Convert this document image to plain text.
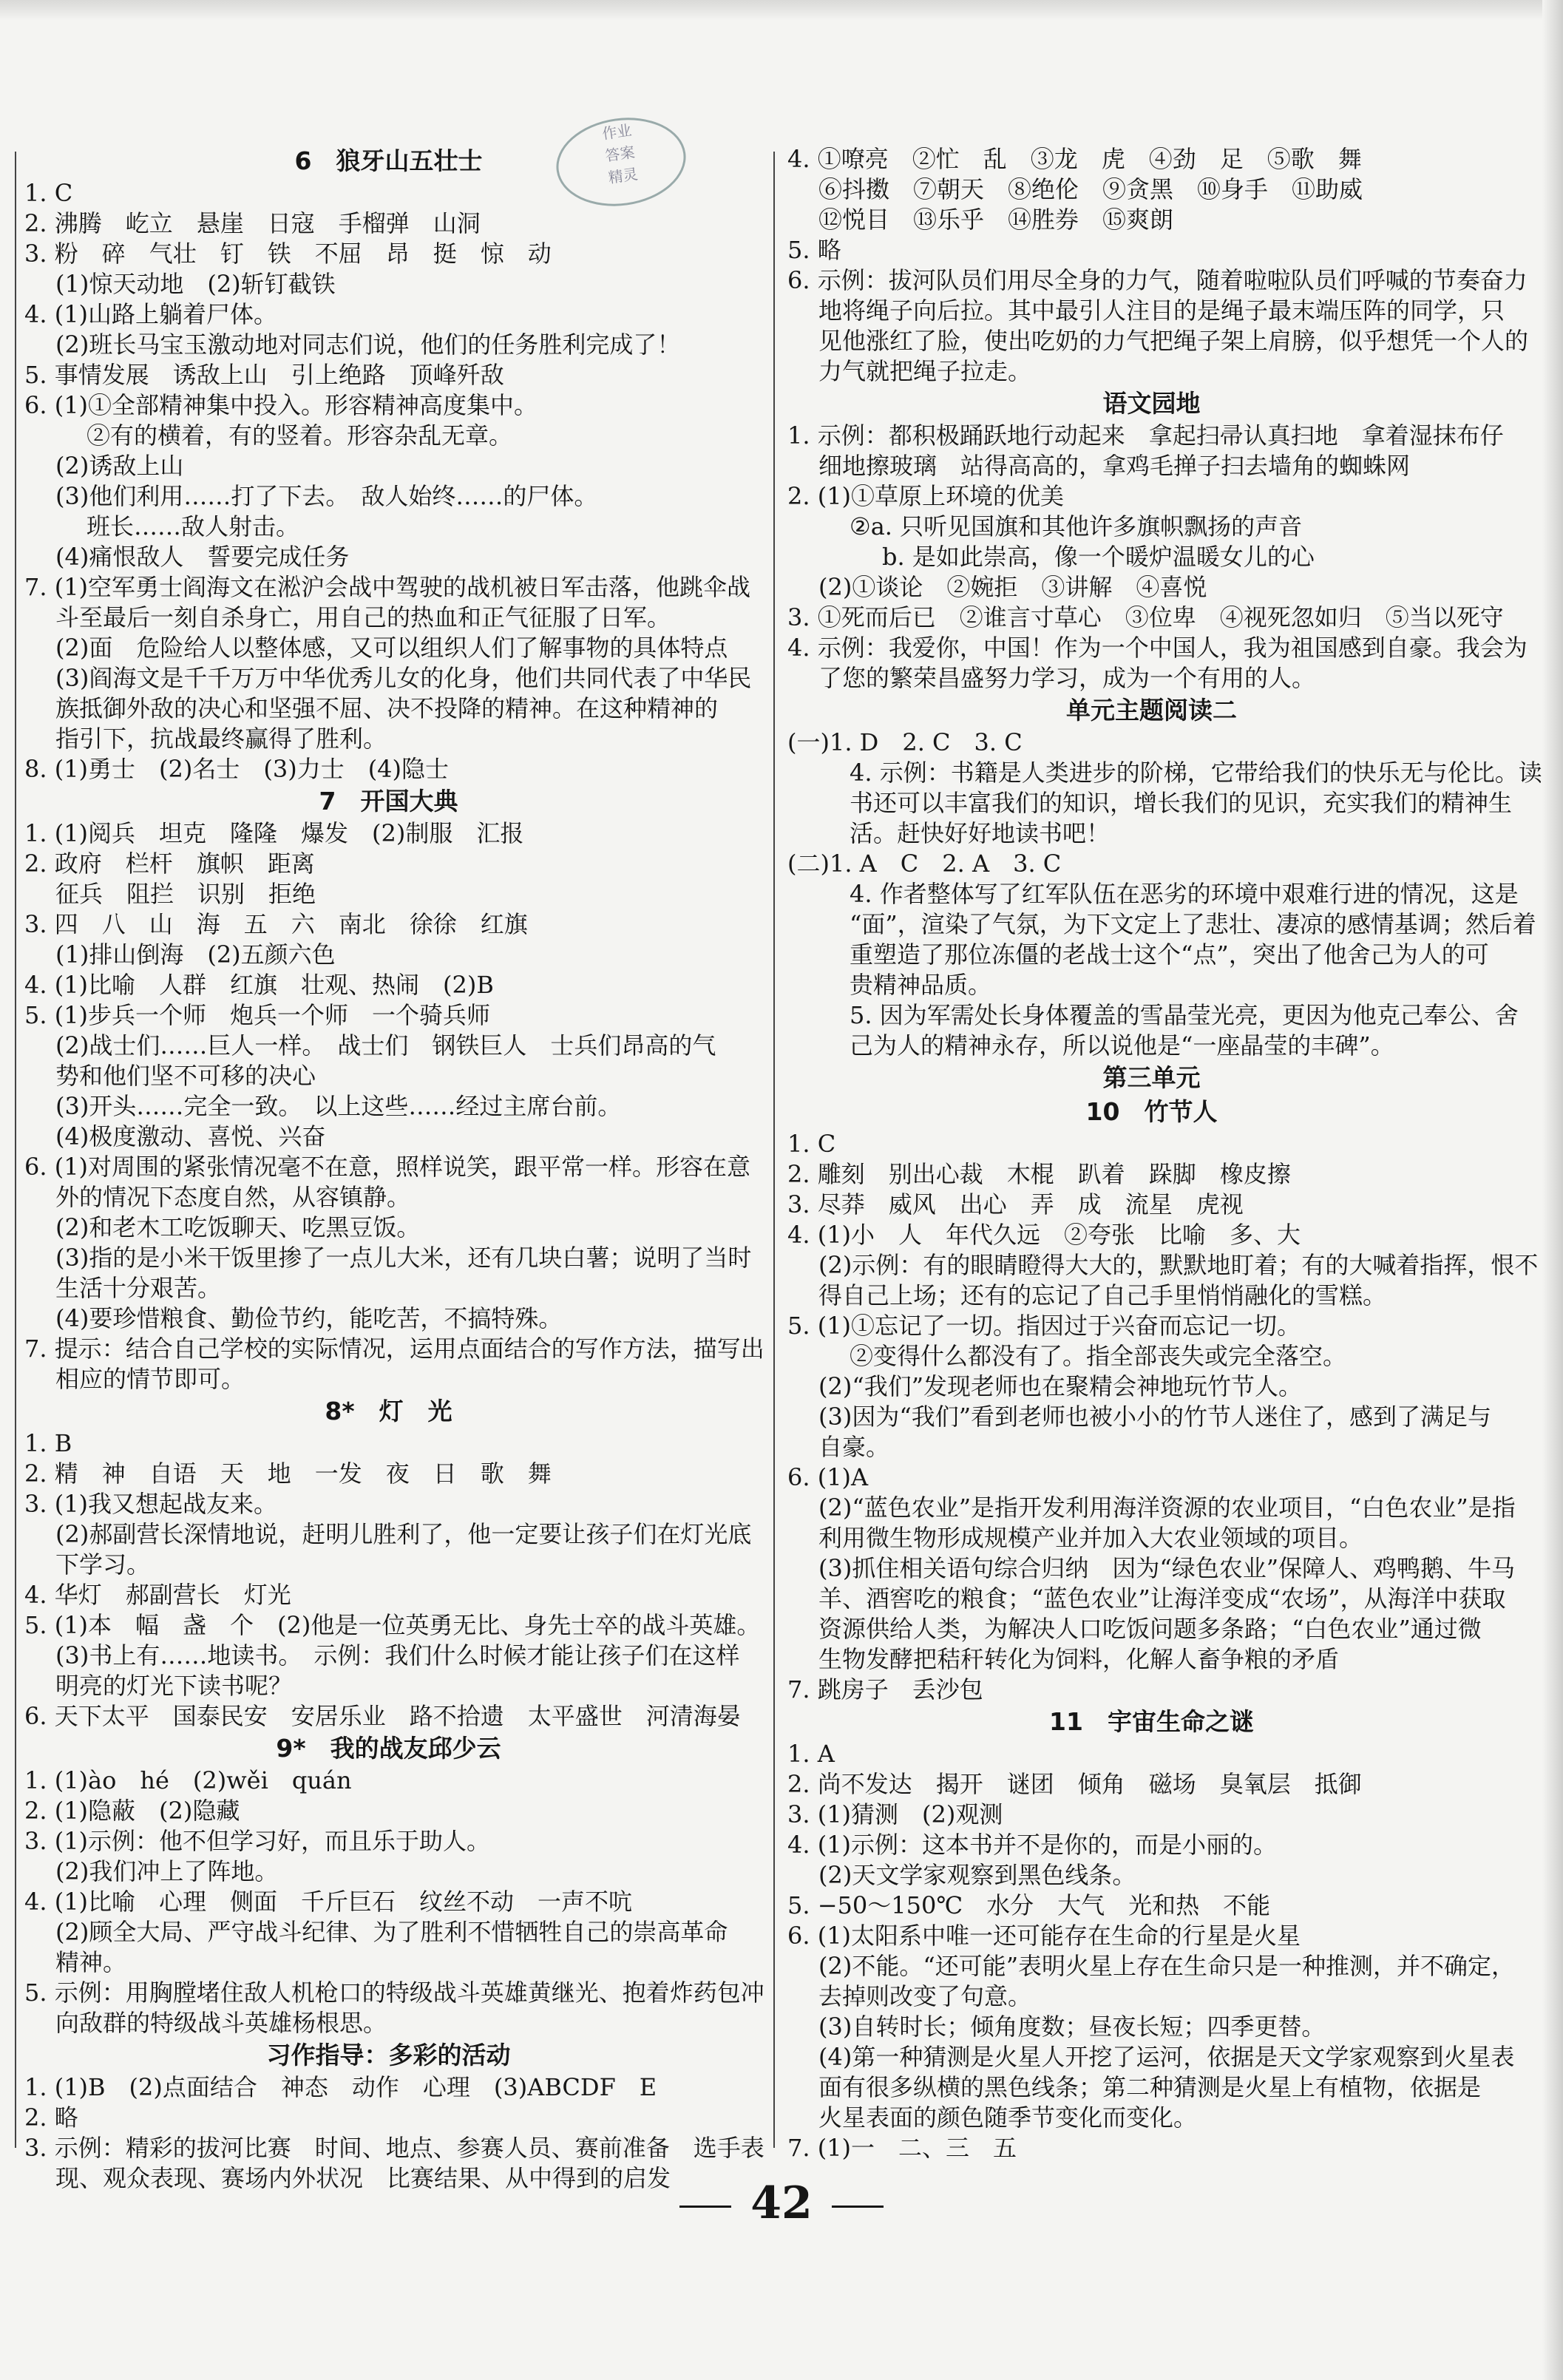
作业
答案
精灵
6　狼牙山五壮士
1. C
2. 沸腾　屹立　悬崖　日寇　手榴弹　山洞
3. 粉　碎　气壮　钉　铁　不屈　昂　挺　惊　动
(1)惊天动地　(2)斩钉截铁
4. (1)山路上躺着尸体。
(2)班长马宝玉激动地对同志们说，他们的任务胜利完成了！
5. 事情发展　诱敌上山　引上绝路　顶峰歼敌
6. (1)①全部精神集中投入。形容精神高度集中。
②有的横着，有的竖着。形容杂乱无章。
(2)诱敌上山
(3)他们利用……打了下去。　敌人始终……的尸体。
班长……敌人射击。
(4)痛恨敌人　誓要完成任务
7. (1)空军勇士阎海文在淞沪会战中驾驶的战机被日军击落，他跳伞战
斗至最后一刻自杀身亡，用自己的热血和正气征服了日军。
(2)面　危险给人以整体感，又可以组织人们了解事物的具体特点
(3)阎海文是千千万万中华优秀儿女的化身，他们共同代表了中华民
族抵御外敌的决心和坚强不屈、决不投降的精神。在这种精神的
指引下，抗战最终赢得了胜利。
8. (1)勇士　(2)名士　(3)力士　(4)隐士
7　开国大典
1. (1)阅兵　坦克　隆隆　爆发　(2)制服　汇报
2. 政府　栏杆　旗帜　距离
征兵　阻拦　识别　拒绝
3. 四　八　山　海　五　六　南北　徐徐　红旗
(1)排山倒海　(2)五颜六色
4. (1)比喻　人群　红旗　壮观、热闹　(2)B
5. (1)步兵一个师　炮兵一个师　一个骑兵师
(2)战士们……巨人一样。　战士们　钢铁巨人　士兵们昂高的气
势和他们坚不可移的决心
(3)开头……完全一致。　以上这些……经过主席台前。
(4)极度激动、喜悦、兴奋
6. (1)对周围的紧张情况毫不在意，照样说笑，跟平常一样。形容在意
外的情况下态度自然，从容镇静。
(2)和老木工吃饭聊天、吃黑豆饭。
(3)指的是小米干饭里掺了一点儿大米，还有几块白薯；说明了当时
生活十分艰苦。
(4)要珍惜粮食、勤俭节约，能吃苦，不搞特殊。
7. 提示：结合自己学校的实际情况，运用点面结合的写作方法，描写出
相应的情节即可。
8*　灯　光
1. B
2. 精　神　自语　天　地　一发　夜　日　歌　舞
3. (1)我又想起战友来。
(2)郝副营长深情地说，赶明儿胜利了，他一定要让孩子们在灯光底
下学习。
4. 华灯　郝副营长　灯光
5. (1)本　幅　盏　个　(2)他是一位英勇无比、身先士卒的战斗英雄。
(3)书上有……地读书。　示例：我们什么时候才能让孩子们在这样
明亮的灯光下读书呢？
6. 天下太平　国泰民安　安居乐业　路不拾遗　太平盛世　河清海晏
9*　我的战友邱少云
1. (1)ào　hé　(2)wěi　quán
2. (1)隐蔽　(2)隐藏
3. (1)示例：他不但学习好，而且乐于助人。
(2)我们冲上了阵地。
4. (1)比喻　心理　侧面　千斤巨石　纹丝不动　一声不吭
(2)顾全大局、严守战斗纪律、为了胜利不惜牺牲自己的崇高革命
精神。
5. 示例：用胸膛堵住敌人机枪口的特级战斗英雄黄继光、抱着炸药包冲
向敌群的特级战斗英雄杨根思。
习作指导：多彩的活动
1. (1)B　(2)点面结合　神态　动作　心理　(3)ABCDF　E
2. 略
3. 示例：精彩的拔河比赛　时间、地点、参赛人员、赛前准备　选手表
现、观众表现、赛场内外状况　比赛结果、从中得到的启发
4. ①嘹亮　②忙　乱　③龙　虎　④劲　足　⑤歌　舞
⑥抖擞　⑦朝天　⑧绝伦　⑨贪黑　⑩身手　⑪助威
⑫悦目　⑬乐乎　⑭胜券　⑮爽朗
5. 略
6. 示例：拔河队员们用尽全身的力气，随着啦啦队员们呼喊的节奏奋力
地将绳子向后拉。其中最引人注目的是绳子最末端压阵的同学，只
见他涨红了脸，使出吃奶的力气把绳子架上肩膀，似乎想凭一个人的
力气就把绳子拉走。
语文园地
1. 示例：都积极踊跃地行动起来　拿起扫帚认真扫地　拿着湿抹布仔
细地擦玻璃　站得高高的，拿鸡毛掸子扫去墙角的蜘蛛网
2. (1)①草原上环境的优美
②a. 只听见国旗和其他许多旗帜飘扬的声音
b. 是如此崇高，像一个暖炉温暖女儿的心
(2)①谈论　②婉拒　③讲解　④喜悦
3. ①死而后已　②谁言寸草心　③位卑　④视死忽如归　⑤当以死守
4. 示例：我爱你，中国！作为一个中国人，我为祖国感到自豪。我会为
了您的繁荣昌盛努力学习，成为一个有用的人。
单元主题阅读二
(一)1. D　2. C　3. C
4. 示例：书籍是人类进步的阶梯，它带给我们的快乐无与伦比。读
书还可以丰富我们的知识，增长我们的见识，充实我们的精神生
活。赶快好好地读书吧！
(二)1. A　C　2. A　3. C
4. 作者整体写了红军队伍在恶劣的环境中艰难行进的情况，这是
“面”，渲染了气氛，为下文定上了悲壮、凄凉的感情基调；然后着
重塑造了那位冻僵的老战士这个“点”，突出了他舍己为人的可
贵精神品质。
5. 因为军需处长身体覆盖的雪晶莹光亮，更因为他克己奉公、舍
己为人的精神永存，所以说他是“一座晶莹的丰碑”。
第三单元
10　竹节人
1. C
2. 雕刻　别出心裁　木棍　趴着　跺脚　橡皮擦
3. 尽莽　威风　出心　弄　成　流星　虎视
4. (1)小　人　年代久远　②夸张　比喻　多、大
(2)示例：有的眼睛瞪得大大的，默默地盯着；有的大喊着指挥，恨不
得自己上场；还有的忘记了自己手里悄悄融化的雪糕。
5. (1)①忘记了一切。指因过于兴奋而忘记一切。
②变得什么都没有了。指全部丧失或完全落空。
(2)“我们”发现老师也在聚精会神地玩竹节人。
(3)因为“我们”看到老师也被小小的竹节人迷住了，感到了满足与
自豪。
6. (1)A
(2)“蓝色农业”是指开发利用海洋资源的农业项目，“白色农业”是指
利用微生物形成规模产业并加入大农业领域的项目。
(3)抓住相关语句综合归纳　因为“绿色农业”保障人、鸡鸭鹅、牛马
羊、酒窖吃的粮食；“蓝色农业”让海洋变成“农场”，从海洋中获取
资源供给人类，为解决人口吃饭问题多条路；“白色农业”通过微
生物发酵把秸秆转化为饲料，化解人畜争粮的矛盾
7. 跳房子　丢沙包
11　宇宙生命之谜
1. A
2. 尚不发达　揭开　谜团　倾角　磁场　臭氧层　抵御
3. (1)猜测　(2)观测
4. (1)示例：这本书并不是你的，而是小丽的。
(2)天文学家观察到黑色线条。
5. −50～150℃　水分　大气　光和热　不能
6. (1)太阳系中唯一还可能存在生命的行星是火星
(2)不能。“还可能”表明火星上存在生命只是一种推测，并不确定，
去掉则改变了句意。
(3)自转时长；倾角度数；昼夜长短；四季更替。
(4)第一种猜测是火星人开挖了运河，依据是天文学家观察到火星表
面有很多纵横的黑色线条；第二种猜测是火星上有植物，依据是
火星表面的颜色随季节变化而变化。
7. (1)一　二、三　五
42
